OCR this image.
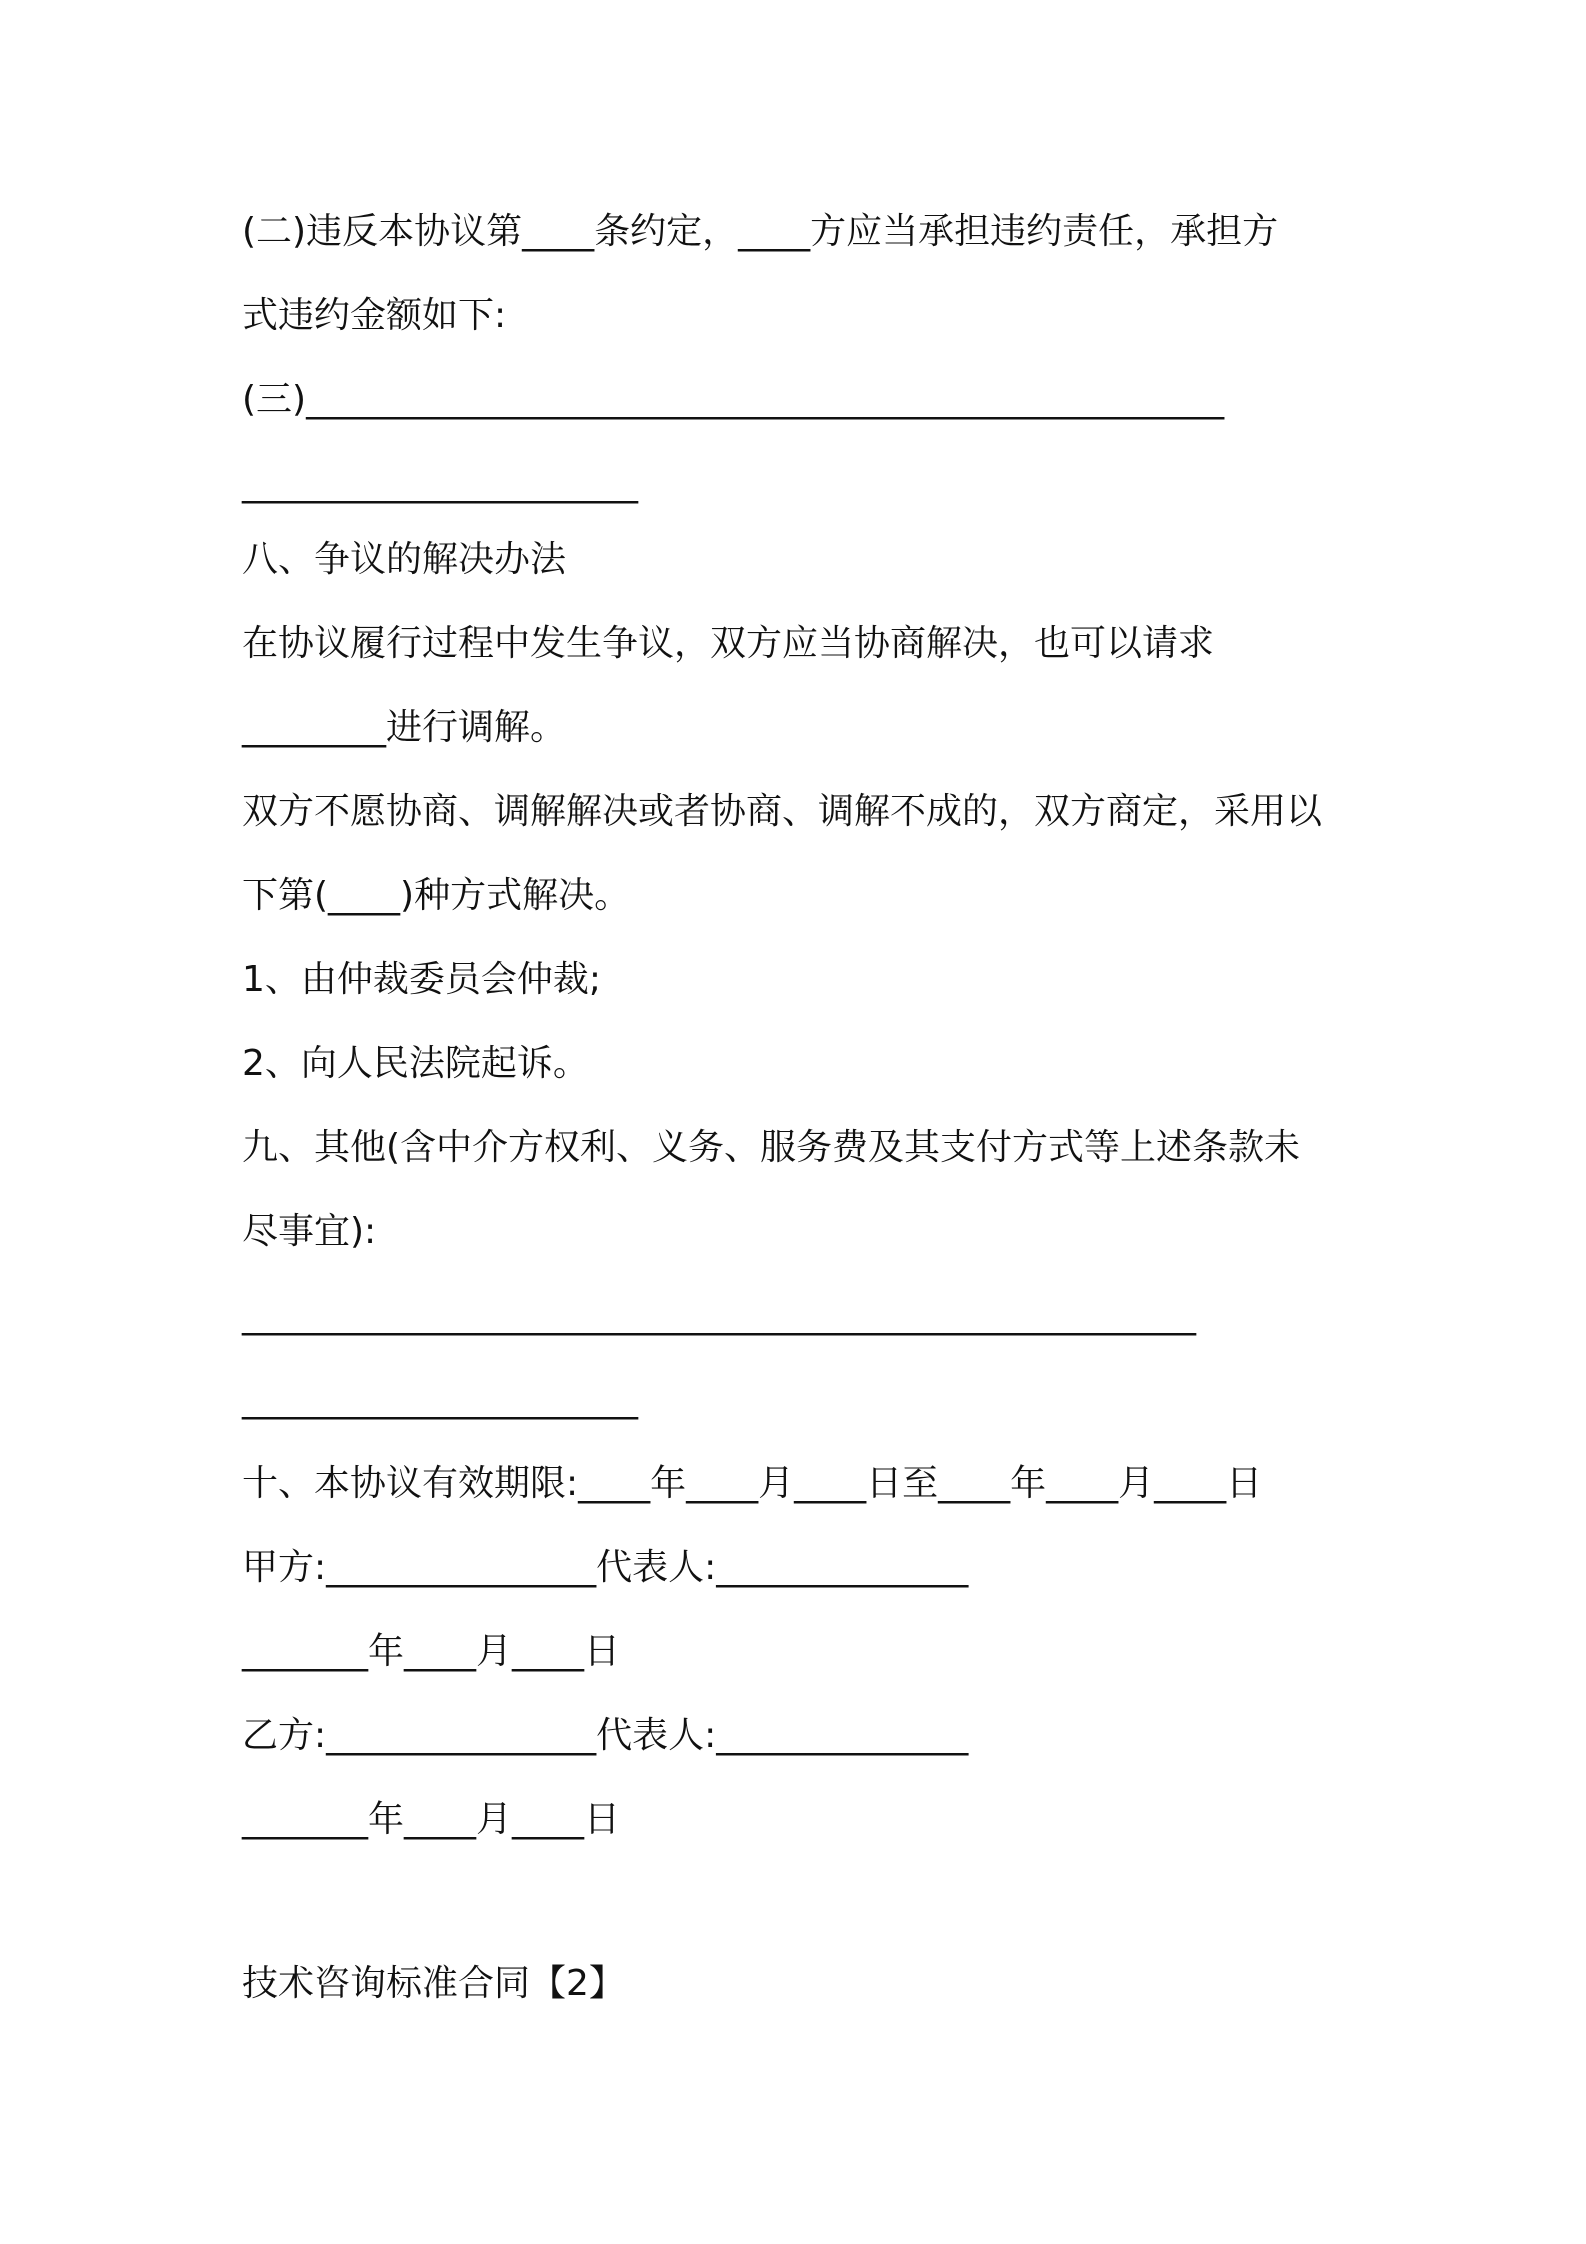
(二)违反本协议第____条约定，____方应当承担违约责任，承担方
式违约金额如下:
(三)___________________________________________________
______________________
八、争议的解决办法
在协议履行过程中发生争议，双方应当协商解决，也可以请求
________进行调解。
双方不愿协商、调解解决或者协商、调解不成的，双方商定，采用以
下第(____)种方式解决。
1、由仲裁委员会仲裁;
2、向人民法院起诉。
九、其他(含中介方权利、义务、服务费及其支付方式等上述条款未
尽事宜):
_____________________________________________________
______________________
十、本协议有效期限:____年____月____日至____年____月____日
甲方:_______________代表人:______________
_______年____月____日
乙方:_______________代表人:______________
_______年____月____日
技术咨询标准合同【2】
